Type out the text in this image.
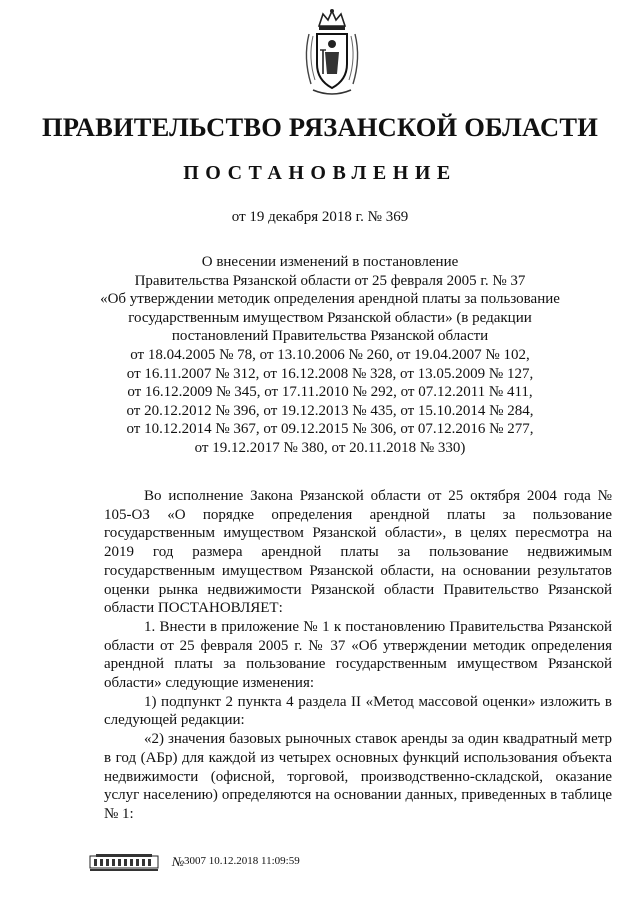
ПРАВИТЕЛЬСТВО РЯЗАНСКОЙ ОБЛАСТИ
ПОСТАНОВЛЕНИЕ
от 19 декабря 2018 г. № 369
О внесении изменений в постановление
Правительства Рязанской области от 25 февраля 2005 г. № 37
«Об утверждении методик определения арендной платы за пользование
государственным имуществом Рязанской области» (в редакции
постановлений Правительства Рязанской области
от 18.04.2005 № 78, от 13.10.2006 № 260, от 19.04.2007 № 102,
от 16.11.2007 № 312, от 16.12.2008 № 328, от 13.05.2009 № 127,
от 16.12.2009 № 345, от 17.11.2010 № 292, от 07.12.2011 № 411,
от 20.12.2012 № 396, от 19.12.2013 № 435, от 15.10.2014 № 284,
от 10.12.2014 № 367, от 09.12.2015 № 306, от 07.12.2016 № 277,
от 19.12.2017 № 380, от 20.11.2018 № 330)

Во исполнение Закона Рязанской области от 25 октября 2004 года № 105-ОЗ «О порядке определения арендной платы за пользование государственным имуществом Рязанской области», в целях пересмотра на 2019 год размера арендной платы за пользование недвижимым государственным имуществом Рязанской области, на основании результатов оценки рынка недвижимости Рязанской области Правительство Рязанской области ПОСТАНОВЛЯЕТ:

1. Внести в приложение № 1 к постановлению Правительства Рязанской области от 25 февраля 2005 г. № 37 «Об утверждении методик определения арендной платы за пользование государственным имуществом Рязанской области» следующие изменения:

1) подпункт 2 пункта 4 раздела II «Метод массовой оценки» изложить в следующей редакции:

«2) значения базовых рыночных ставок аренды за один квадратный метр в год (АБр) для каждой из четырех основных функций использования объекта недвижимости (офисной, торговой, производственно-складской, оказание услуг населению) определяются на основании данных, приведенных в таблице № 1:

№ 3007 10.12.2018 11:09:59
